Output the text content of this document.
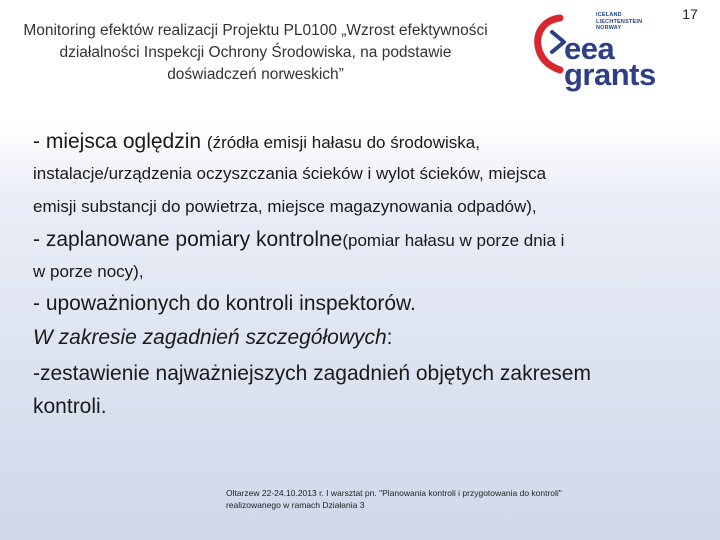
Monitoring efektów realizacji Projektu PL0100 „Wzrost efektywności działalności Inspekcji Ochrony Środowiska, na podstawie doświadczeń norweskich”
17
ICELAND
LIECHTENSTEIN
NORWAY
eea
grants
- miejsca oględzin (źródła emisji hałasu do środowiska,
instalacje/urządzenia oczyszczania ścieków i wylot ścieków, miejsca
emisji substancji do powietrza, miejsce magazynowania odpadów),
- zaplanowane pomiary kontrolne(pomiar hałasu w porze dnia i
w porze nocy),
- upoważnionych do kontroli inspektorów.
W zakresie zagadnień szczegółowych:
-zestawienie najważniejszych zagadnień objętych zakresem
kontroli.
Oltarzew 22-24.10.2013 r. I warsztat pn. "Planowania kontroli i przygotowania do kontroli"
realizowanego w ramach Działania 3
